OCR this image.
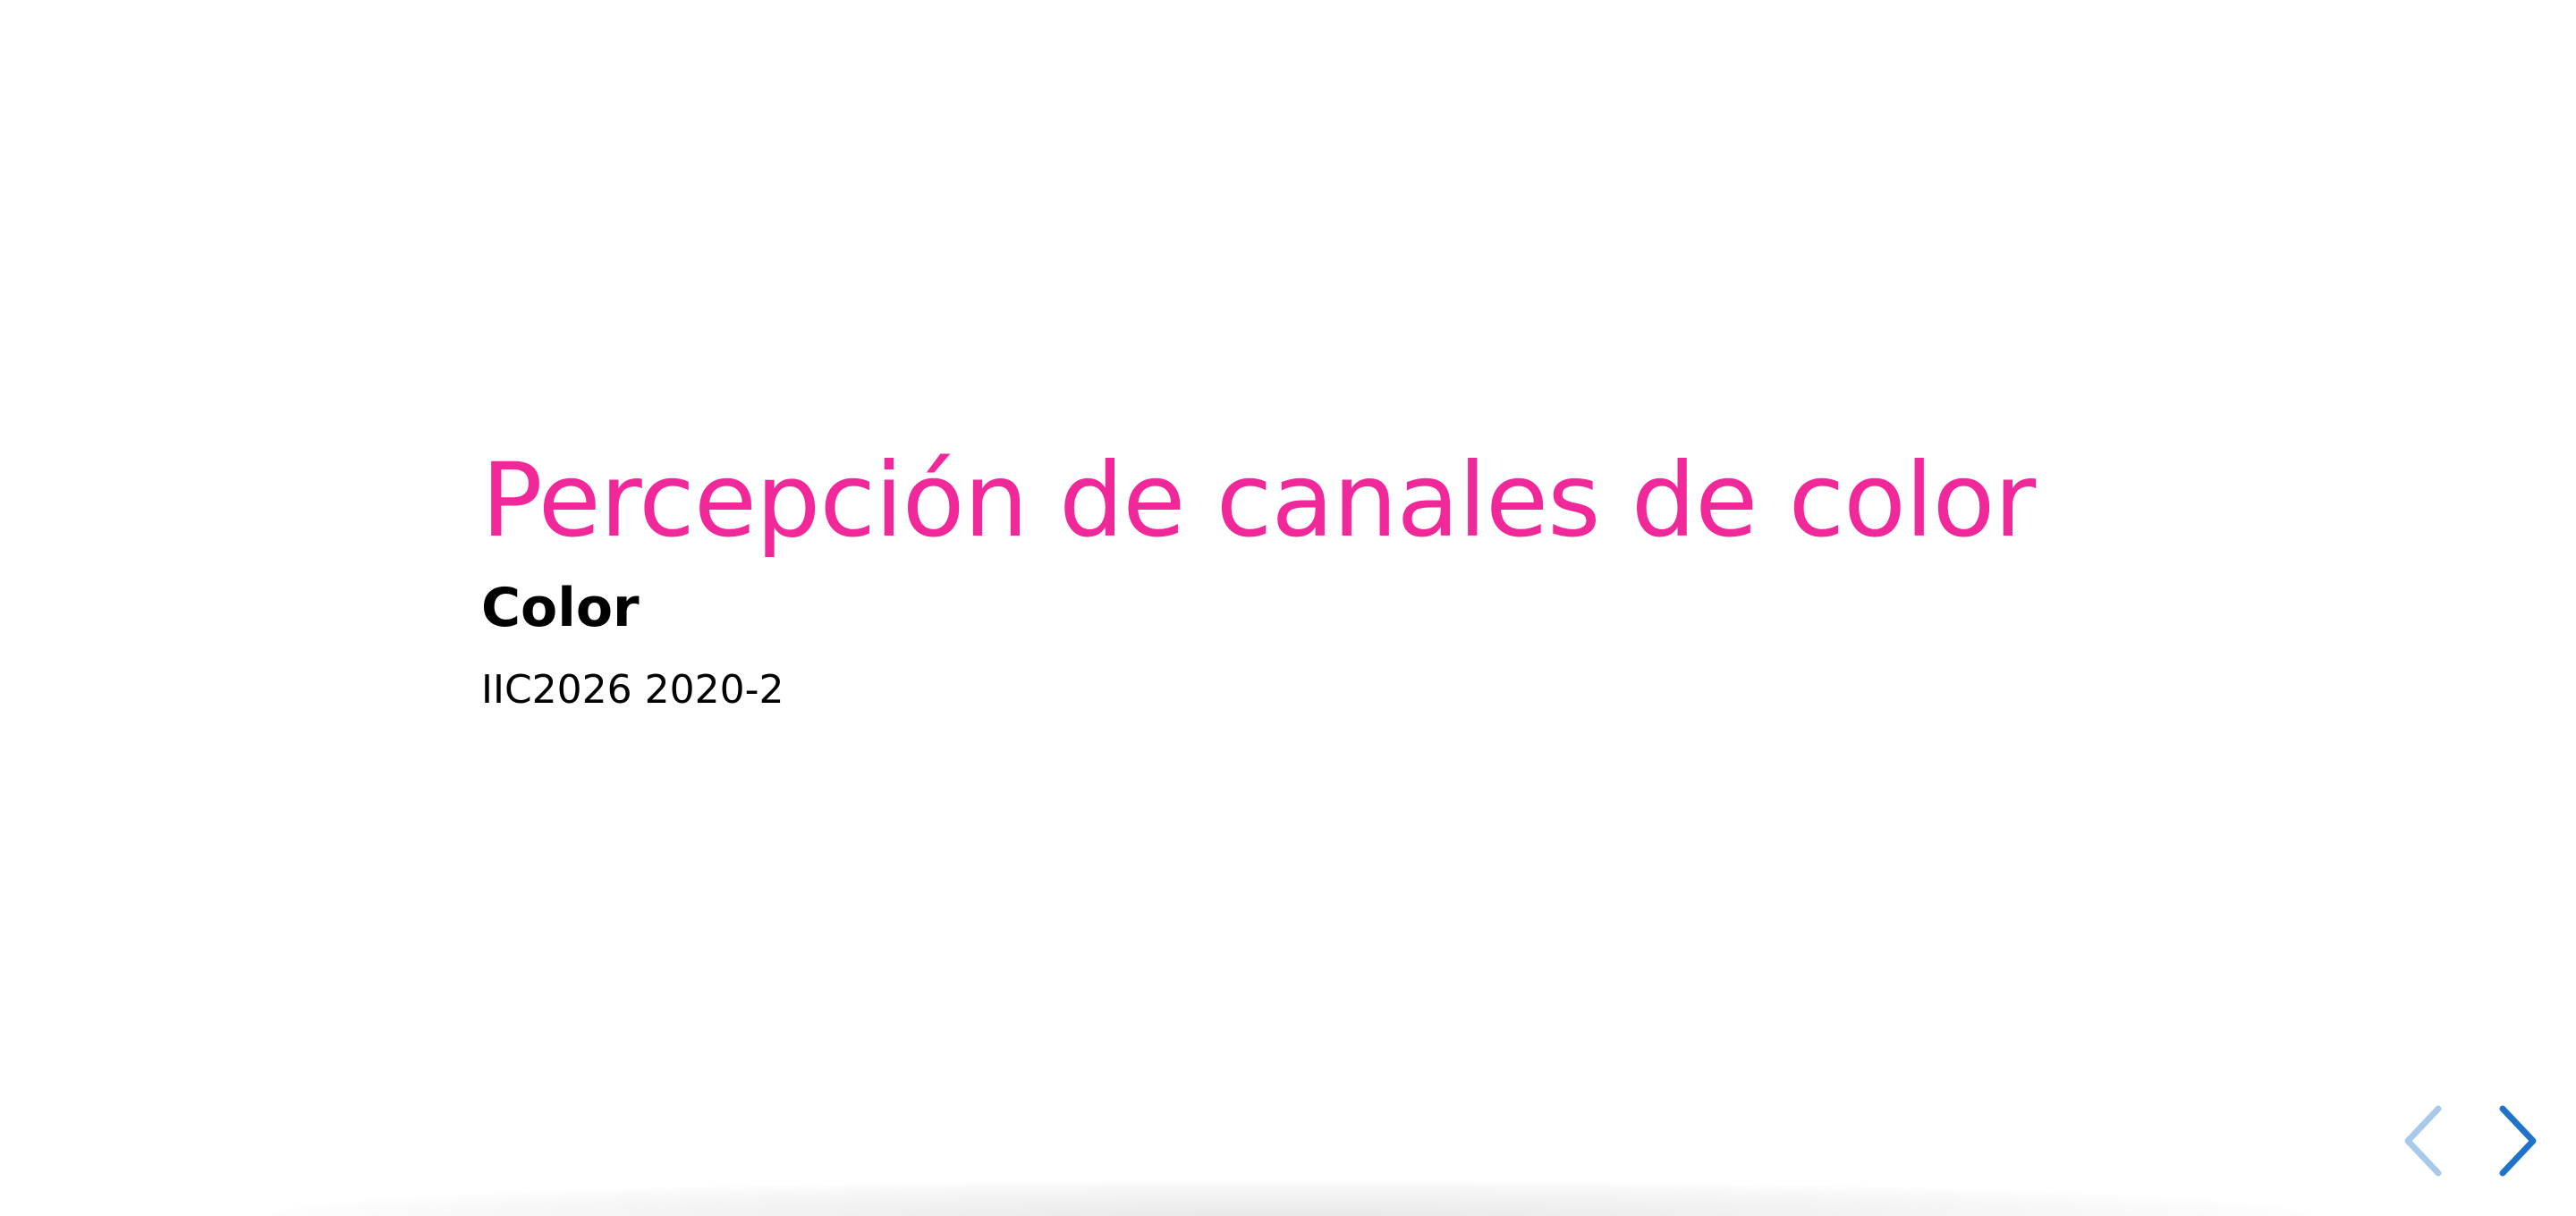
Percepción de canales de color
Color

IIC2026 2020-2
